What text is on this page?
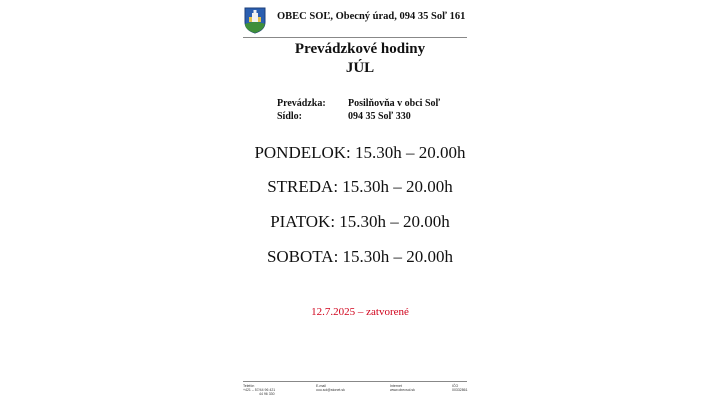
OBEC SOĽ, Obecný úrad, 094 35 Soľ 161
Prevádzkové hodiny
JÚL
Prevádzka: Posilňovňa v obci Soľ
Sídlo:	094 35 Soľ 330
PONDELOK: 15.30h – 20.00h
STREDA: 15.30h – 20.00h
PIATOK: 15.30h – 20.00h
SOBOTA: 15.30h – 20.00h
12.7.2025 – zatvorené
Telefón
+421 – 57/44 96 421
44 96 330
E-mail
oou.sol@stonet.sk
Internet
www.obecsol.sk
IČO
00332861
